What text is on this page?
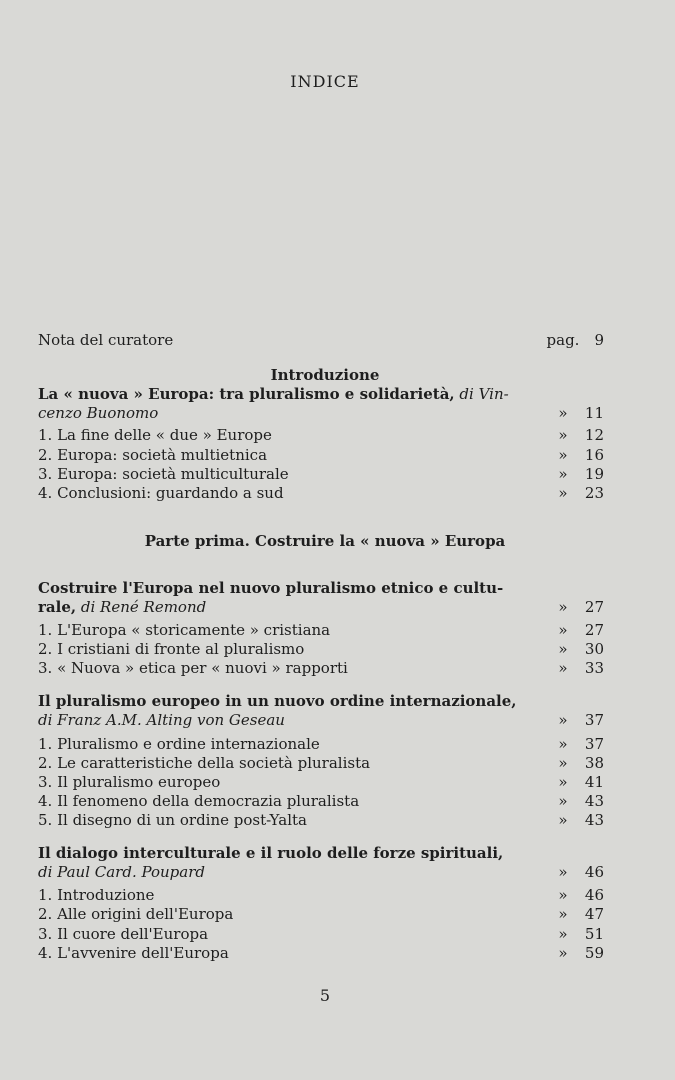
INDICE
Nota del curatore	pag.	9
Introduzione
La « nuova » Europa: tra pluralismo e solidarietà, di Vin-
cenzo Buonomo	»	11
1. La fine delle « due » Europe	»	12
2. Europa: società multietnica	»	16
3. Europa: società multiculturale	»	19
4. Conclusioni: guardando a sud	»	23
Parte prima. Costruire la « nuova » Europa
Costruire l'Europa nel nuovo pluralismo etnico e cultu-
rale, di René Remond	»	27
1. L'Europa « storicamente » cristiana	»	27
2. I cristiani di fronte al pluralismo	»	30
3. « Nuova » etica per « nuovi » rapporti	»	33
Il pluralismo europeo in un nuovo ordine internazionale,
di Franz A.M. Alting von Geseau	»	37
1. Pluralismo e ordine internazionale	»	37
2. Le caratteristiche della società pluralista	»	38
3. Il pluralismo europeo	»	41
4. Il fenomeno della democrazia pluralista	»	43
5. Il disegno di un ordine post-Yalta	»	43
Il dialogo interculturale e il ruolo delle forze spirituali,
di Paul Card. Poupard	»	46
1. Introduzione	»	46
2. Alle origini dell'Europa	»	47
3. Il cuore dell'Europa	»	51
4. L'avvenire dell'Europa	»	59
5
